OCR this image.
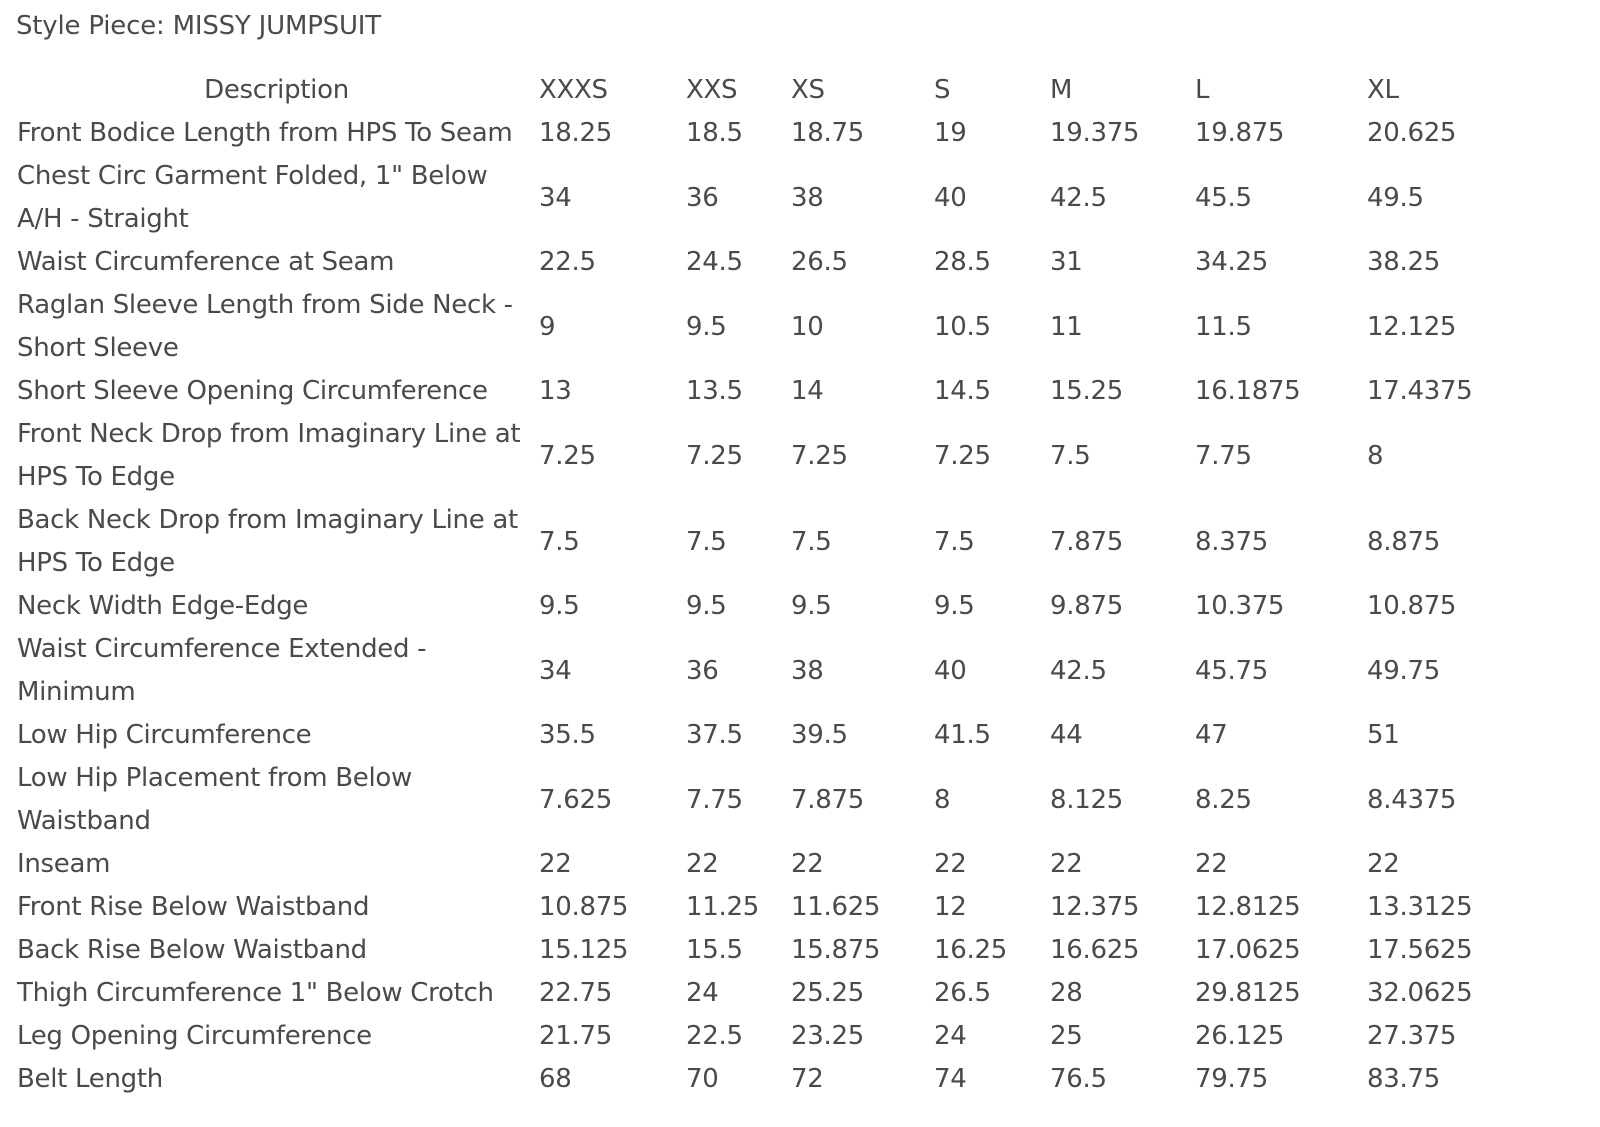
Style Piece: MISSY JUMPSUIT
Description	XXXS	XXS	XS	S	M	L	XL
Front Bodice Length from HPS To Seam	18.25	18.5	18.75	19	19.375	19.875	20.625
Chest Circ Garment Folded, 1" Below A/H - Straight	34	36	38	40	42.5	45.5	49.5
Waist Circumference at Seam	22.5	24.5	26.5	28.5	31	34.25	38.25
Raglan Sleeve Length from Side Neck - Short Sleeve	9	9.5	10	10.5	11	11.5	12.125
Short Sleeve Opening Circumference	13	13.5	14	14.5	15.25	16.1875	17.4375
Front Neck Drop from Imaginary Line at HPS To Edge	7.25	7.25	7.25	7.25	7.5	7.75	8
Back Neck Drop from Imaginary Line at HPS To Edge	7.5	7.5	7.5	7.5	7.875	8.375	8.875
Neck Width Edge-Edge	9.5	9.5	9.5	9.5	9.875	10.375	10.875
Waist Circumference Extended - Minimum	34	36	38	40	42.5	45.75	49.75
Low Hip Circumference	35.5	37.5	39.5	41.5	44	47	51
Low Hip Placement from Below Waistband	7.625	7.75	7.875	8	8.125	8.25	8.4375
Inseam	22	22	22	22	22	22	22
Front Rise Below Waistband	10.875	11.25	11.625	12	12.375	12.8125	13.3125
Back Rise Below Waistband	15.125	15.5	15.875	16.25	16.625	17.0625	17.5625
Thigh Circumference 1" Below Crotch	22.75	24	25.25	26.5	28	29.8125	32.0625
Leg Opening Circumference	21.75	22.5	23.25	24	25	26.125	27.375
Belt Length	68	70	72	74	76.5	79.75	83.75
